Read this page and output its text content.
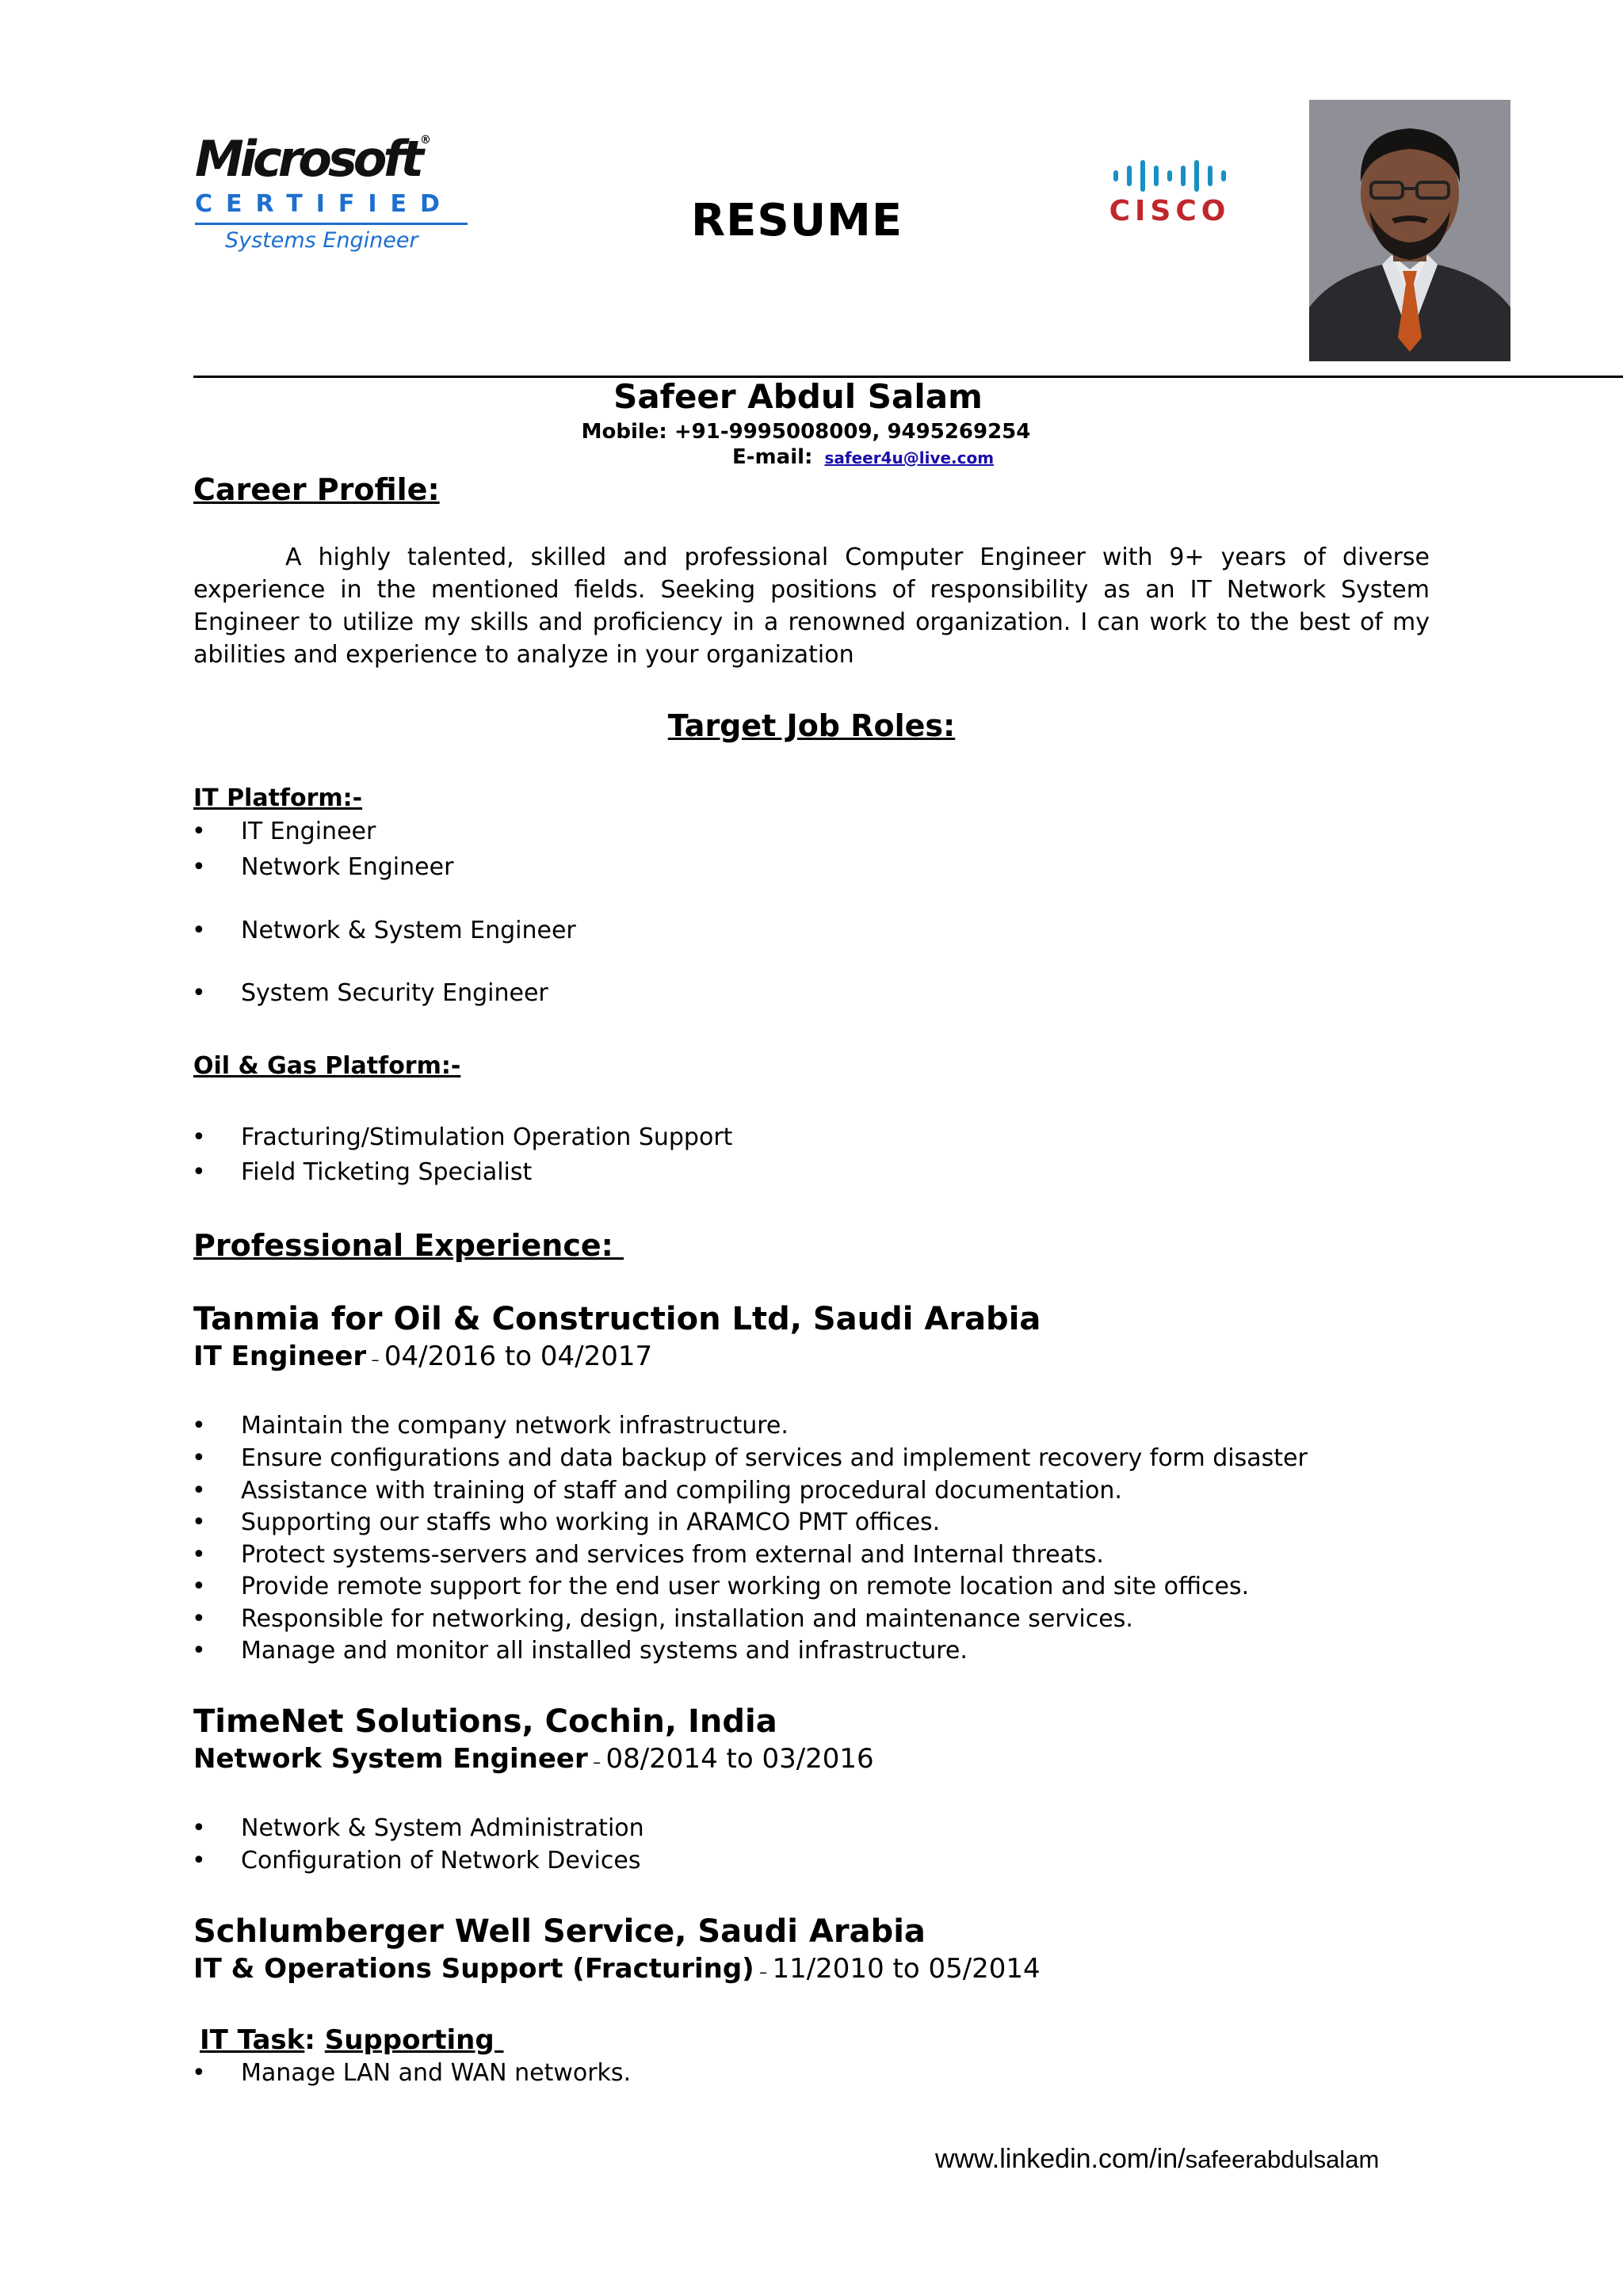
Microsoft®
CERTIFIED
Systems Engineer	RESUME	CISCO
Safeer Abdul Salam
Mobile: +91-9995008009, 9495269254
E-mail: safeer4u@live.com
Career Profile:
A highly talented, skilled and professional Computer Engineer with 9+ years of diverse experience in the mentioned fields. Seeking positions of responsibility as an IT Network System Engineer to utilize my skills and proficiency in a renowned organization. I can work to the best of my abilities and experience to analyze in your organization
Target Job Roles:
IT Platform:-
• IT Engineer
• Network Engineer
• Network & System Engineer
• System Security Engineer
Oil & Gas Platform:-
• Fracturing/Stimulation Operation Support
• Field Ticketing Specialist
Professional Experience:
Tanmia for Oil & Construction Ltd, Saudi Arabia
IT Engineer – 04/2016 to 04/2017
• Maintain the company network infrastructure.
• Ensure configurations and data backup of services and implement recovery form disaster
• Assistance with training of staff and compiling procedural documentation.
• Supporting our staffs who working in ARAMCO PMT offices.
• Protect systems-servers and services from external and Internal threats.
• Provide remote support for the end user working on remote location and site offices.
• Responsible for networking, design, installation and maintenance services.
• Manage and monitor all installed systems and infrastructure.
TimeNet Solutions, Cochin, India
Network System Engineer – 08/2014 to 03/2016
• Network & System Administration
• Configuration of Network Devices
Schlumberger Well Service, Saudi Arabia
IT & Operations Support (Fracturing) – 11/2010 to 05/2014
IT Task: Supporting
• Manage LAN and WAN networks.
www.linkedin.com/in/safeerabdulsalam
